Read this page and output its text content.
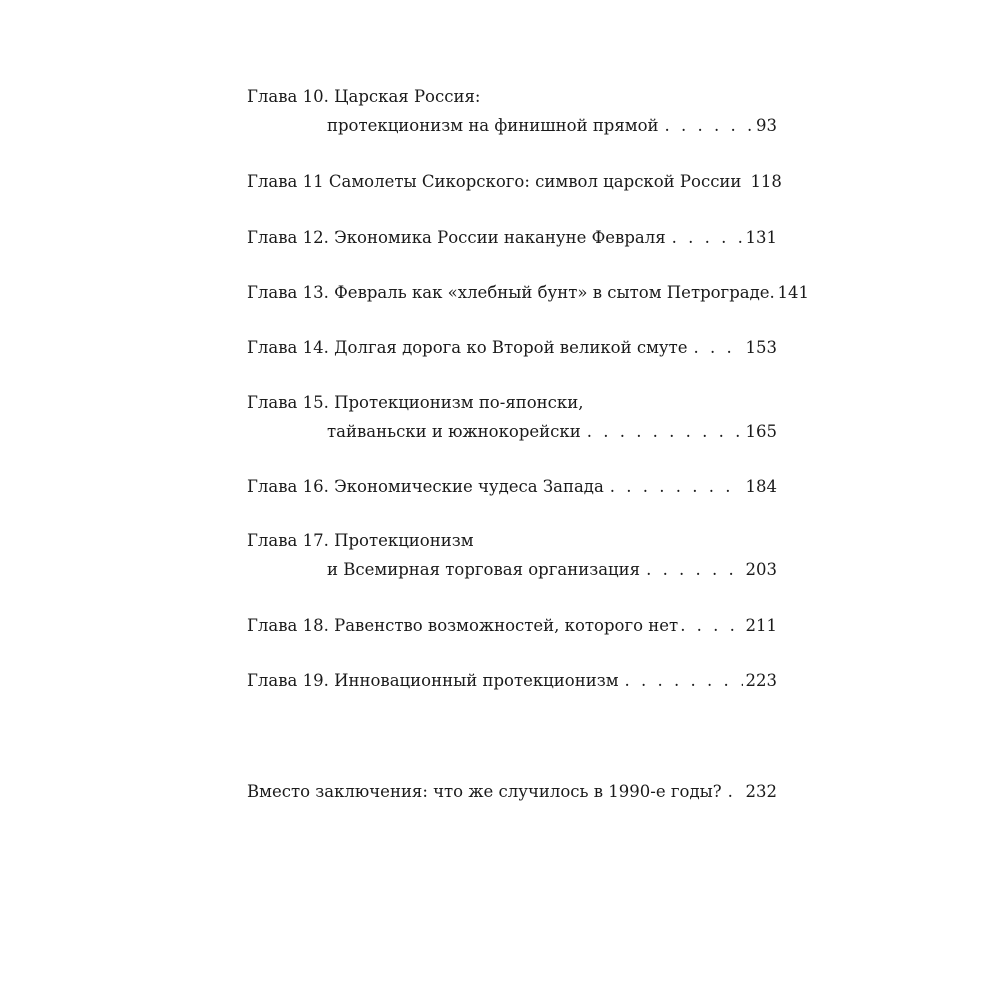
Глава 10.
Царская Россия:
протекционизм на финишной прямой . . .	93
Глава 11
Самолеты Сикорского: символ царской России 118
Глава 12.
Экономика России накануне Февраля . . .	131
Глава 13.
Февраль как «хлебный бунт» в сытом Петрограде . . . 141
Глава 14.
Долгая дорога ко Второй великой смуте . . .	153
Глава 15.
Протекционизм по-японски,
тайваньски и южнокорейски . . .	165
Глава 16.
Экономические чудеса Запада . . .	184
Глава 17.
Протекционизм
и Всемирная торговая организация . . .	203
Глава 18.
Равенство возможностей, которого нет . . .	211
Глава 19.
Инновационный протекционизм . . .	223
Вместо заключения: что же случилось в 1990-е годы? . . . 232
